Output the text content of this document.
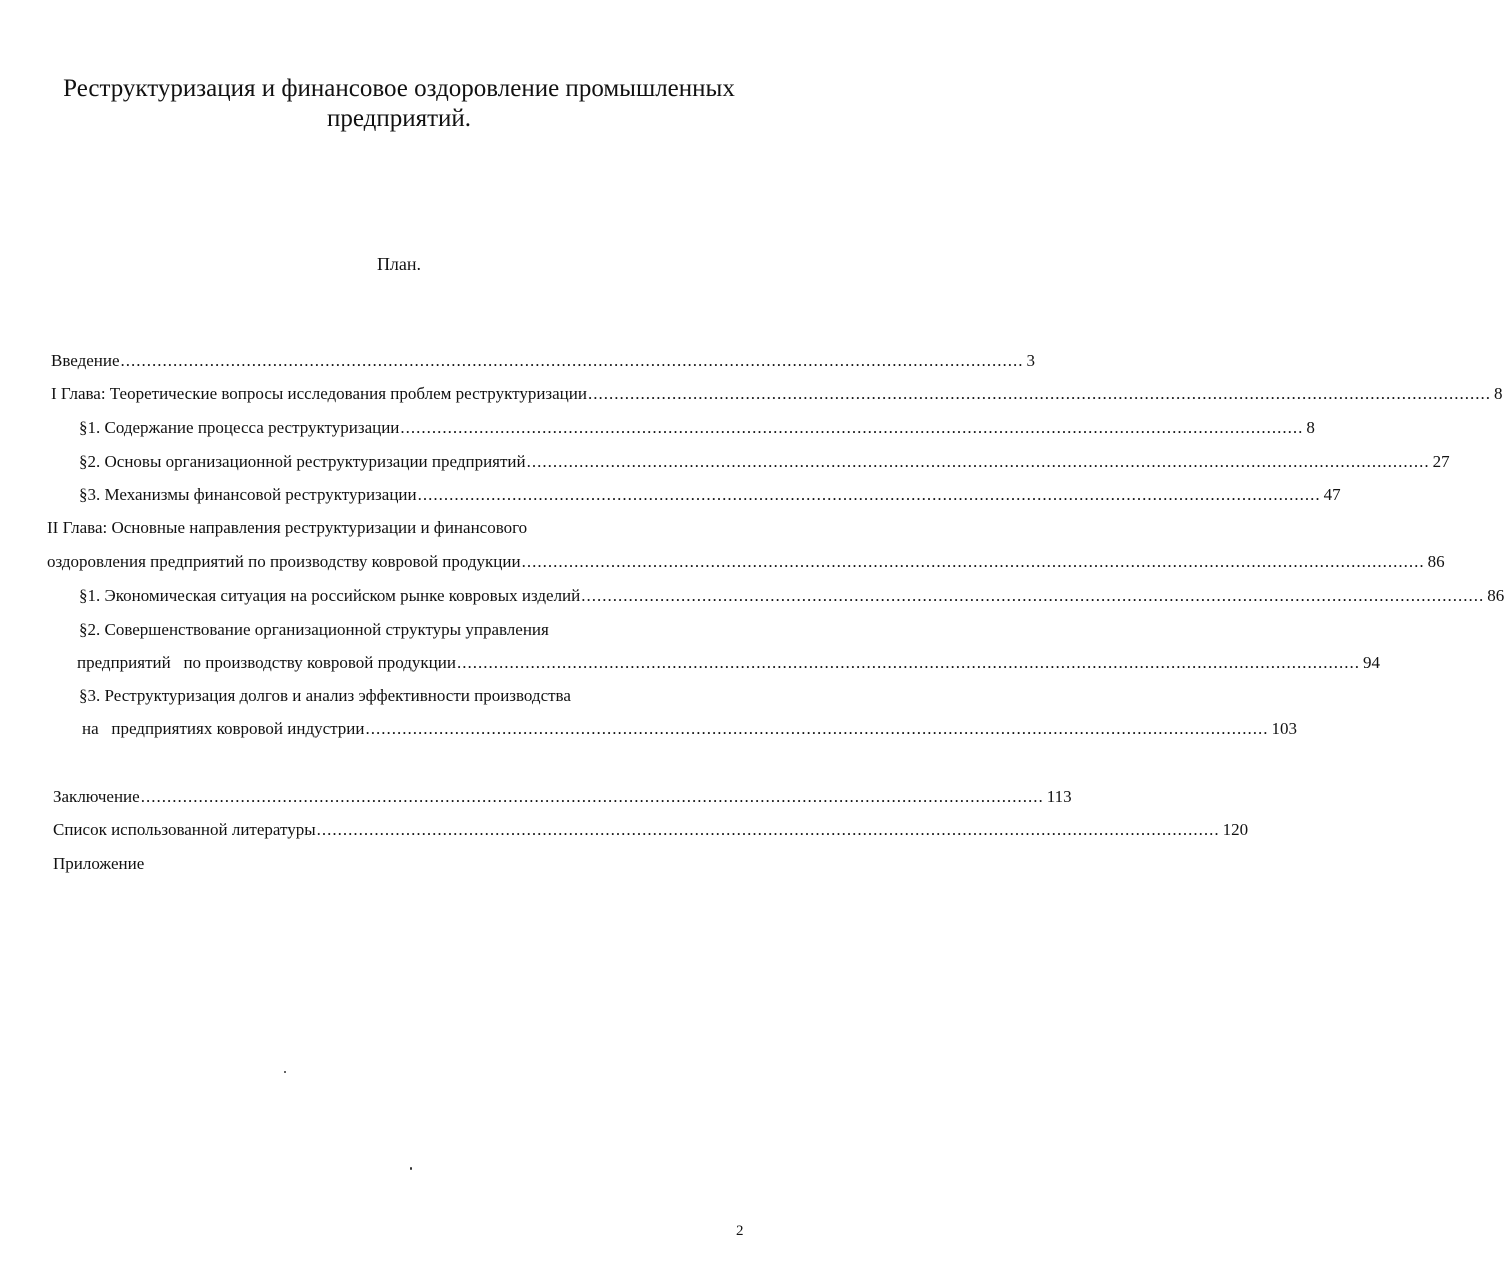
Реструктуризация и финансовое оздоровление промышленных
предприятий.
План.
Введение ............................................................................................................................................................................ 3
I Глава: Теоретические вопросы исследования проблем реструктуризации ............................................................................................................................................................................ 8
§1. Содержание процесса реструктуризации ............................................................................................................................................................................ 8
§2. Основы организационной реструктуризации предприятий ............................................................................................................................................................................ 27
§3. Механизмы финансовой реструктуризации ............................................................................................................................................................................ 47
II Глава: Основные направления реструктуризации и финансового
оздоровления предприятий по производству ковровой продукции ............................................................................................................................................................................ 86
§1. Экономическая ситуация на российском рынке ковровых изделий ............................................................................................................................................................................ 86
§2. Совершенствование организационной структуры управления
предприятий   по производству ковровой продукции ............................................................................................................................................................................ 94
§3. Реструктуризация долгов и анализ эффективности производства
на   предприятиях ковровой индустрии ............................................................................................................................................................................ 103
Заключение ............................................................................................................................................................................ 113
Список использованной литературы ............................................................................................................................................................................ 120
Приложение
2
